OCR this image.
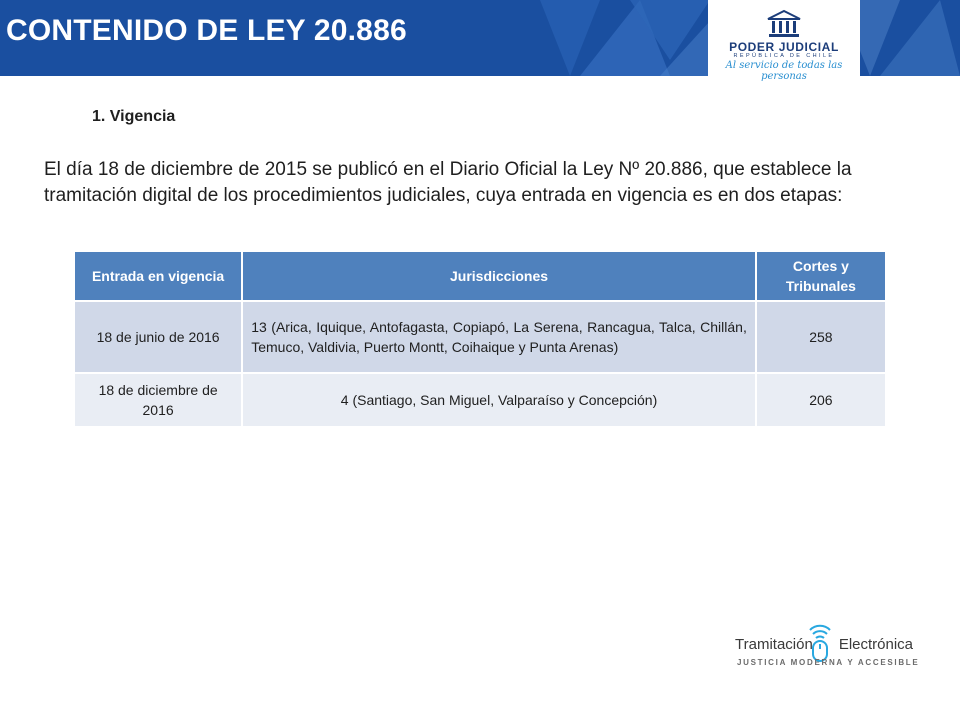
CONTENIDO DE LEY 20.886	PODER JUDICIAL
REPÚBLICA DE CHILE
Al servicio de todas las personas
1. Vigencia
El día 18 de diciembre de 2015 se publicó en el Diario Oficial la Ley Nº 20.886, que establece la tramitación digital de los procedimientos judiciales, cuya entrada en vigencia es en dos etapas:
Entrada en vigencia	Jurisdicciones	Cortes y Tribunales
18 de junio de 2016	13 (Arica, Iquique, Antofagasta, Copiapó, La Serena, Rancagua, Talca, Chillán, Temuco, Valdivia, Puerto Montt, Coihaique y Punta Arenas)	258
18 de diciembre de 2016	4 (Santiago, San Miguel, Valparaíso y Concepción)	206
Tramitación Electrónica
JUSTICIA MODERNA Y ACCESIBLE
